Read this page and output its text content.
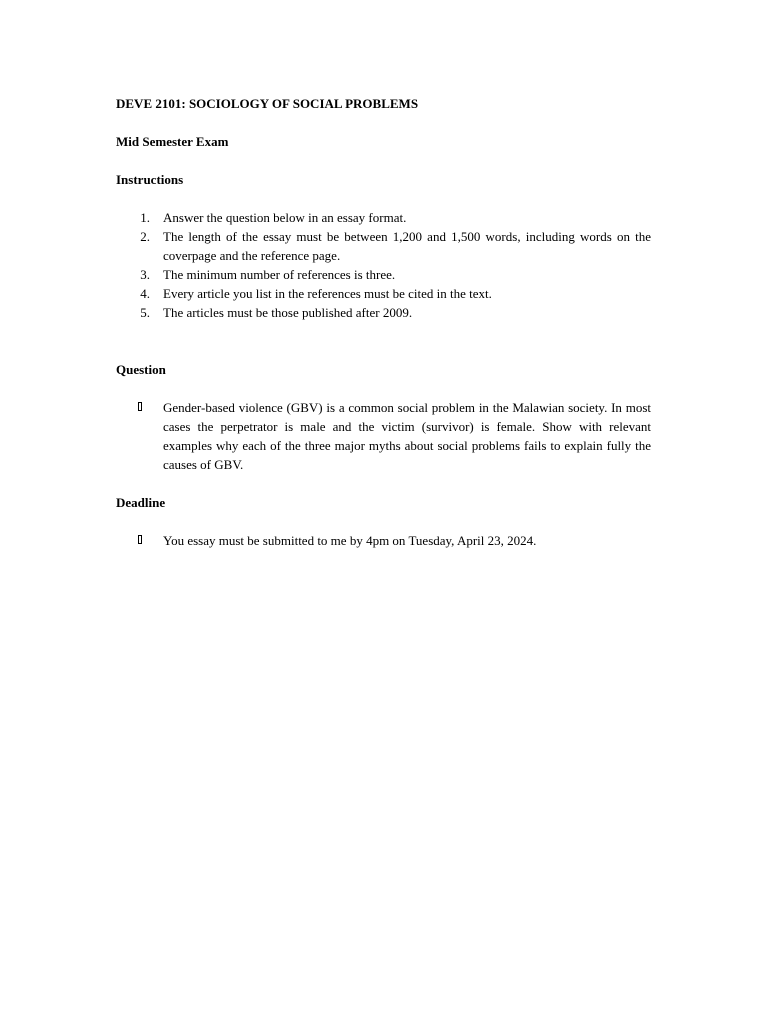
DEVE 2101: SOCIOLOGY OF SOCIAL PROBLEMS

Mid Semester Exam

Instructions

1. Answer the question below in an essay format.
2. The length of the essay must be between 1,200 and 1,500 words, including words on the coverpage and the reference page.
3. The minimum number of references is three.
4. Every article you list in the references must be cited in the text.
5. The articles must be those published after 2009.

Question

Gender-based violence (GBV) is a common social problem in the Malawian society. In most cases the perpetrator is male and the victim (survivor) is female. Show with relevant examples why each of the three major myths about social problems fails to explain fully the causes of GBV.

Deadline

You essay must be submitted to me by 4pm on Tuesday, April 23, 2024.
